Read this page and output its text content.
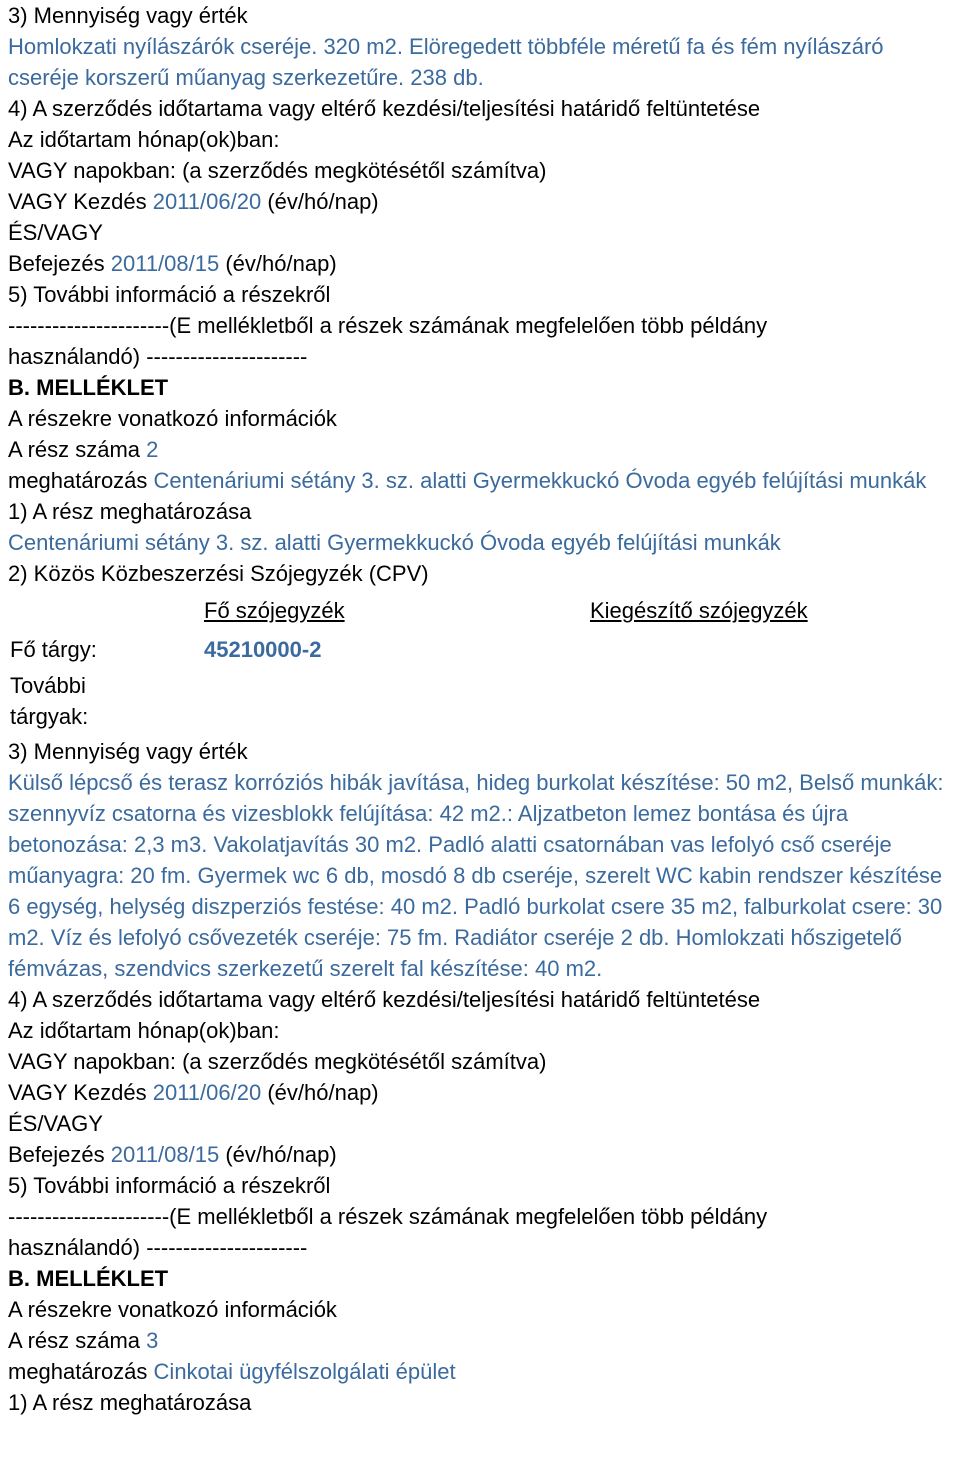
3) Mennyiség vagy érték
Homlokzati nyílászárók cseréje. 320 m2. Elöregedett többféle méretű fa és fém nyílászáró cseréje korszerű műanyag szerkezetűre. 238 db.
4) A szerződés időtartama vagy eltérő kezdési/teljesítési határidő feltüntetése
Az időtartam hónap(ok)ban:
VAGY napokban: (a szerződés megkötésétől számítva)
VAGY Kezdés 2011/06/20 (év/hó/nap)
ÉS/VAGY
Befejezés 2011/08/15 (év/hó/nap)
5) További információ a részekről
----------------------(E mellékletből a részek számának megfelelően több példány
használandó) ----------------------
B. MELLÉKLET
A részekre vonatkozó információk
A rész száma 2
meghatározás Centenáriumi sétány 3. sz. alatti Gyermekkuckó Óvoda egyéb felújítási munkák
1) A rész meghatározása
Centenáriumi sétány 3. sz. alatti Gyermekkuckó Óvoda egyéb felújítási munkák
2) Közös Közbeszerzési Szójegyzék (CPV)
Fő szójegyzék	Kiegészítő szójegyzék
Fő tárgy:	45210000-2
További
tárgyak:
3) Mennyiség vagy érték
Külső lépcső és terasz korróziós hibák javítása, hideg burkolat készítése: 50 m2, Belső munkák: szennyvíz csatorna és vizesblokk felújítása: 42 m2.: Aljzatbeton lemez bontása és újra betonozása: 2,3 m3. Vakolatjavítás 30 m2. Padló alatti csatornában vas lefolyó cső cseréje műanyagra: 20 fm. Gyermek wc 6 db, mosdó 8 db cseréje, szerelt WC kabin rendszer készítése 6 egység, helység diszperziós festése: 40 m2. Padló burkolat csere 35 m2, falburkolat csere: 30 m2. Víz és lefolyó csővezeték cseréje: 75 fm. Radiátor cseréje 2 db. Homlokzati hőszigetelő fémvázas, szendvics szerkezetű szerelt fal készítése: 40 m2.
4) A szerződés időtartama vagy eltérő kezdési/teljesítési határidő feltüntetése
Az időtartam hónap(ok)ban:
VAGY napokban: (a szerződés megkötésétől számítva)
VAGY Kezdés 2011/06/20 (év/hó/nap)
ÉS/VAGY
Befejezés 2011/08/15 (év/hó/nap)
5) További információ a részekről
----------------------(E mellékletből a részek számának megfelelően több példány
használandó) ----------------------
B. MELLÉKLET
A részekre vonatkozó információk
A rész száma 3
meghatározás Cinkotai ügyfélszolgálati épület
1) A rész meghatározása
